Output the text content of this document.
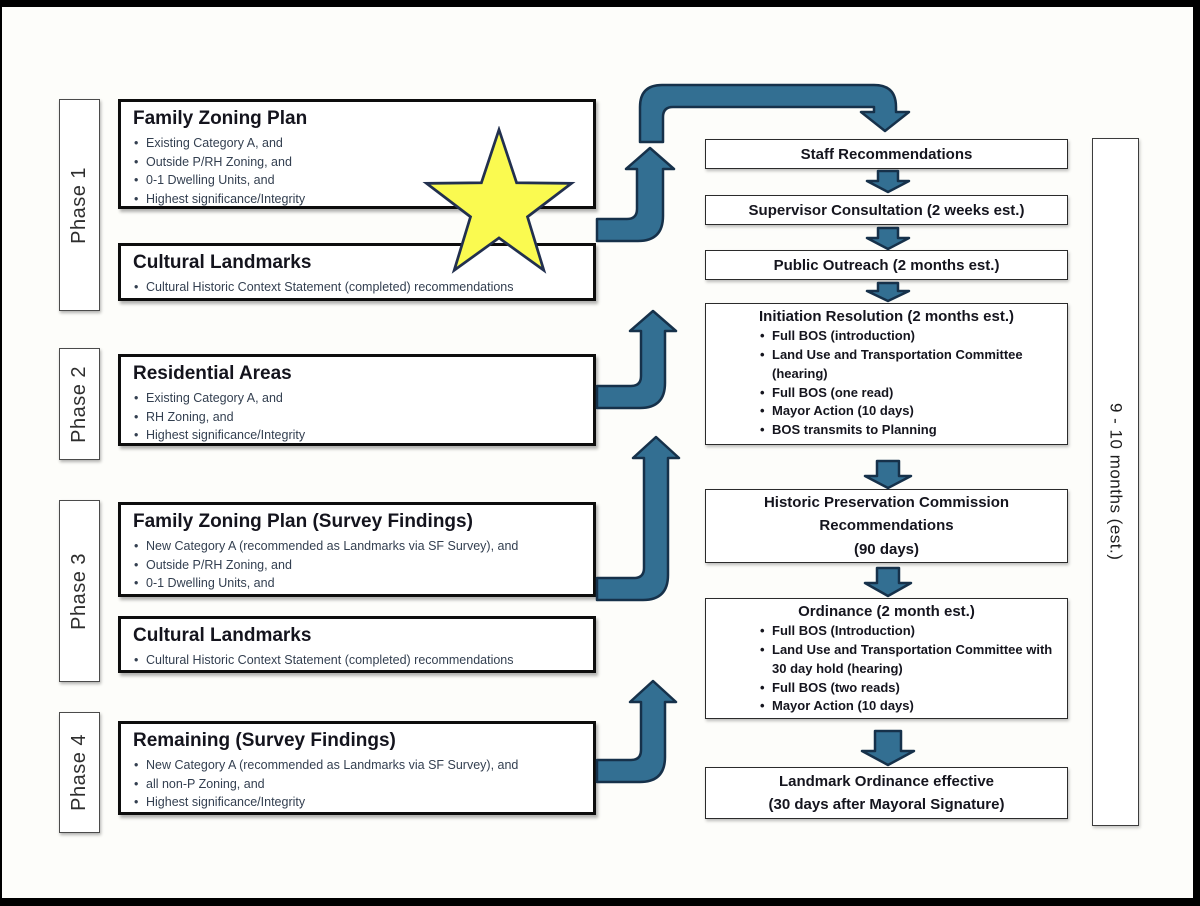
Phase 1
Phase 2
Phase 3
Phase 4
Family Zoning Plan
• Existing Category A, and
• Outside P/RH Zoning, and
• 0-1 Dwelling Units, and
• Highest significance/Integrity
Cultural Landmarks
• Cultural Historic Context Statement (completed) recommendations
Residential Areas
• Existing Category A, and
• RH Zoning, and
• Highest significance/Integrity
Family Zoning Plan (Survey Findings)
• New Category A (recommended as Landmarks via SF Survey), and
• Outside P/RH Zoning, and
• 0-1 Dwelling Units, and
Cultural Landmarks
• Cultural Historic Context Statement (completed) recommendations
Remaining (Survey Findings)
• New Category A (recommended as Landmarks via SF Survey), and
• all non-P Zoning, and
• Highest significance/Integrity
Staff Recommendations
Supervisor Consultation (2 weeks est.)
Public Outreach (2 months est.)
Initiation Resolution (2 months est.)
• Full BOS (introduction)
• Land Use and Transportation Committee (hearing)
• Full BOS (one read)
• Mayor Action (10 days)
• BOS transmits to Planning
Historic Preservation Commission
Recommendations
(90 days)
Ordinance (2 month est.)
• Full BOS (Introduction)
• Land Use and Transportation Committee with 30 day hold (hearing)
• Full BOS (two reads)
• Mayor Action (10 days)
Landmark Ordinance effective
(30 days after Mayoral Signature)
9 - 10 months (est.)
